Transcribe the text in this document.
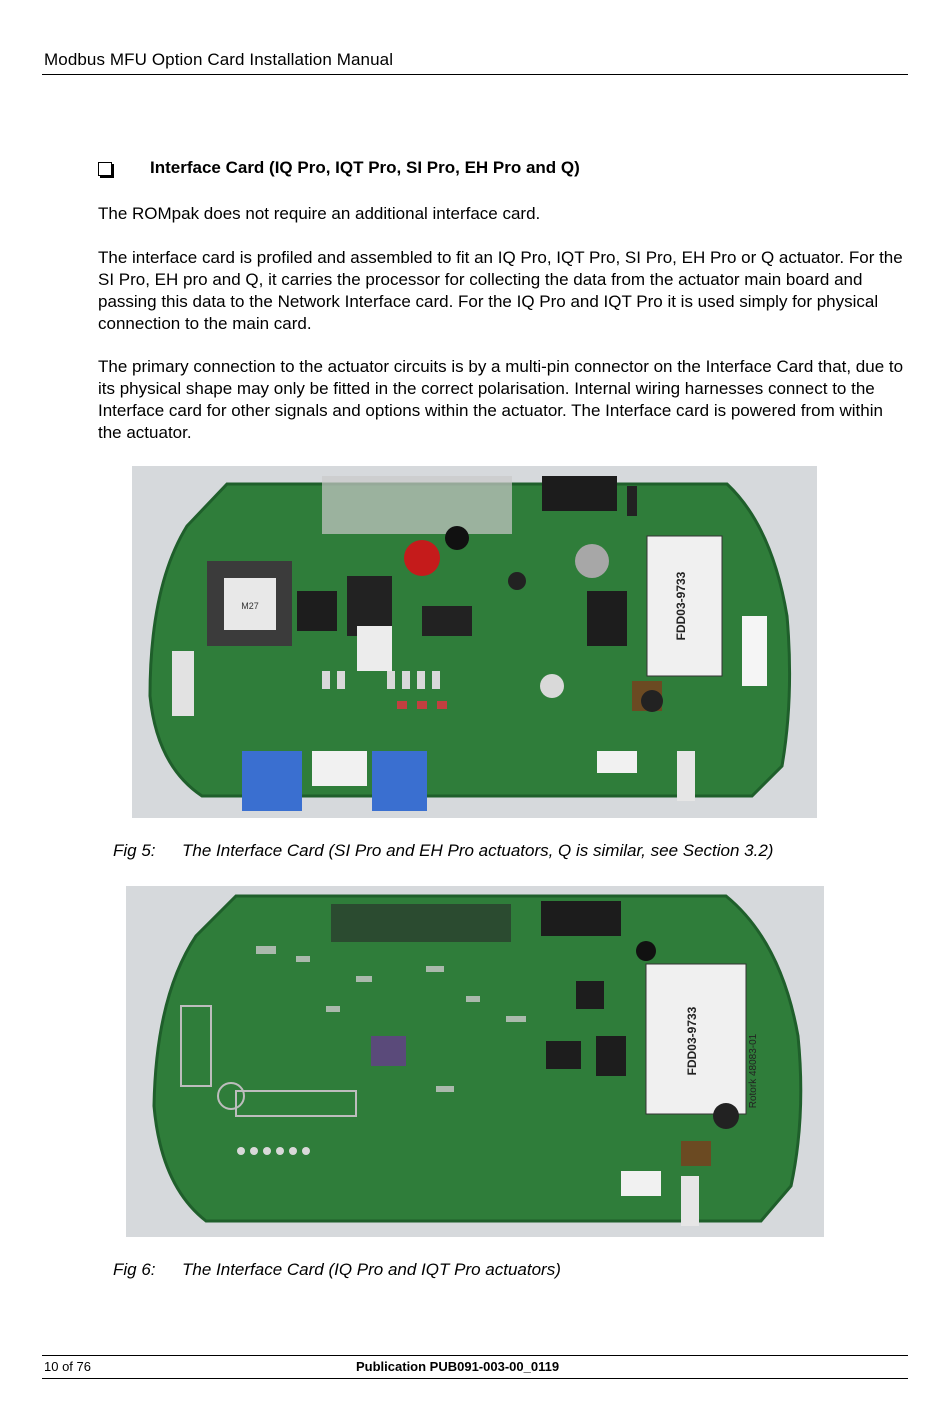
Modbus MFU Option Card Installation Manual
Interface Card (IQ Pro, IQT Pro, SI Pro, EH Pro and Q)

The ROMpak does not require an additional interface card.

The interface card is profiled and assembled to fit an IQ Pro, IQT Pro, SI Pro, EH Pro or Q actuator. For the SI Pro, EH pro and Q, it carries the processor for collecting the data from the actuator main board and passing this data to the Network Interface card. For the IQ Pro and IQT Pro it is used simply for physical connection to the main card.

The primary connection to the actuator circuits is by a multi-pin connector on the Interface Card that, due to its physical shape may only be fitted in the correct polarisation. Internal wiring harnesses connect to the Interface card for other signals and options within the actuator. The Interface card is powered from within the actuator.

M27	FDD03-9733
Fig 5:	The Interface Card (SI Pro and EH Pro actuators, Q is similar, see Section 3.2)
FDD03-9733	Rotork 48083-01
Fig 6:	The Interface Card (IQ Pro and IQT Pro actuators)
10 of 76	Publication PUB091-003-00_0119
